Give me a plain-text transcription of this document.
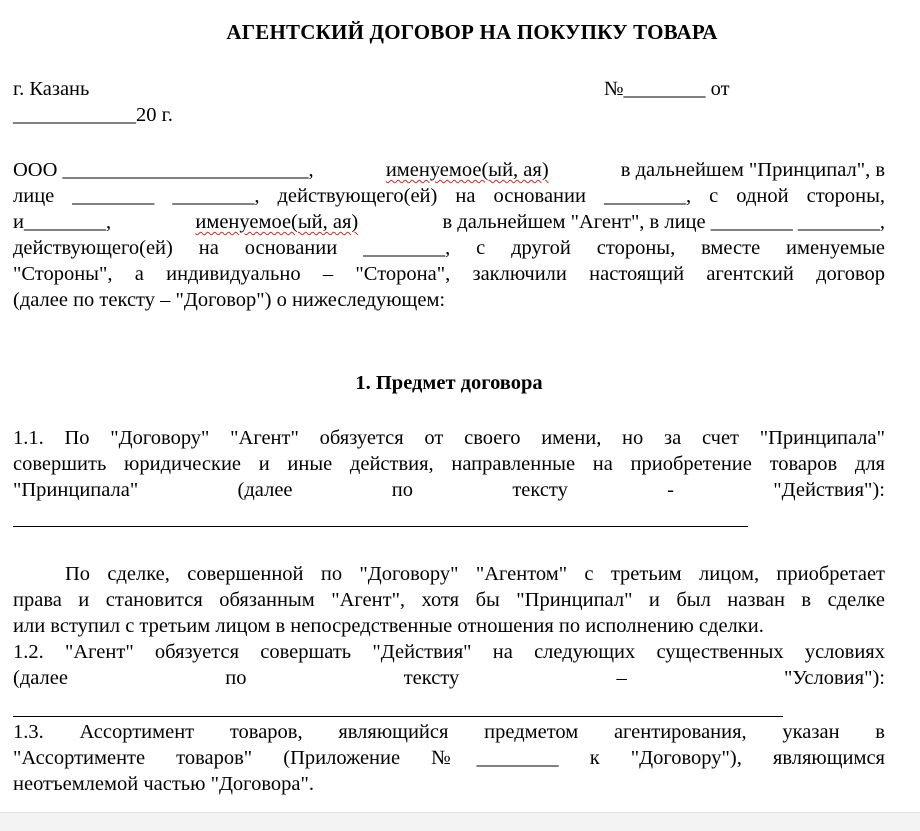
АГЕНТСКИЙ ДОГОВОР НА ПОКУПКУ ТОВАРА
г. Казань	№________ от
____________20 г.
ООО ________________________,	именуемое(ый, ая)	в дальнейшем "Принципал", в
лице ________ ________, действующего(ей) на основании ________, с одной стороны,
и________,	именуемое(ый, ая)	в дальнейшем "Агент", в лице ________ ________,
действующего(ей) на основании ________, с другой стороны, вместе именуемые
"Стороны", а индивидуально – "Сторона", заключили настоящий агентский договор
(далее по тексту – "Договор") о нижеследующем:
1. Предмет договора
1.1. По "Договору" "Агент" обязуется от своего имени, но за счет "Принципала"
совершить юридические и иные действия, направленные на приобретение товаров для
"Принципала"	(далее	по	тексту	-	"Действия"):
По сделке, совершенной по "Договору" "Агентом" с третьим лицом, приобретает
права и становится обязанным "Агент", хотя бы "Принципал" и был назван в сделке
или вступил с третьим лицом в непосредственные отношения по исполнению сделки.
1.2. "Агент" обязуется совершать "Действия" на следующих существенных условиях
(далее	по	тексту	–	"Условия"):
1.3. Ассортимент товаров, являющийся предметом агентирования, указан в
"Ассортименте товаров" (Приложение №________ к "Договору"), являющимся
неотъемлемой частью "Договора".
